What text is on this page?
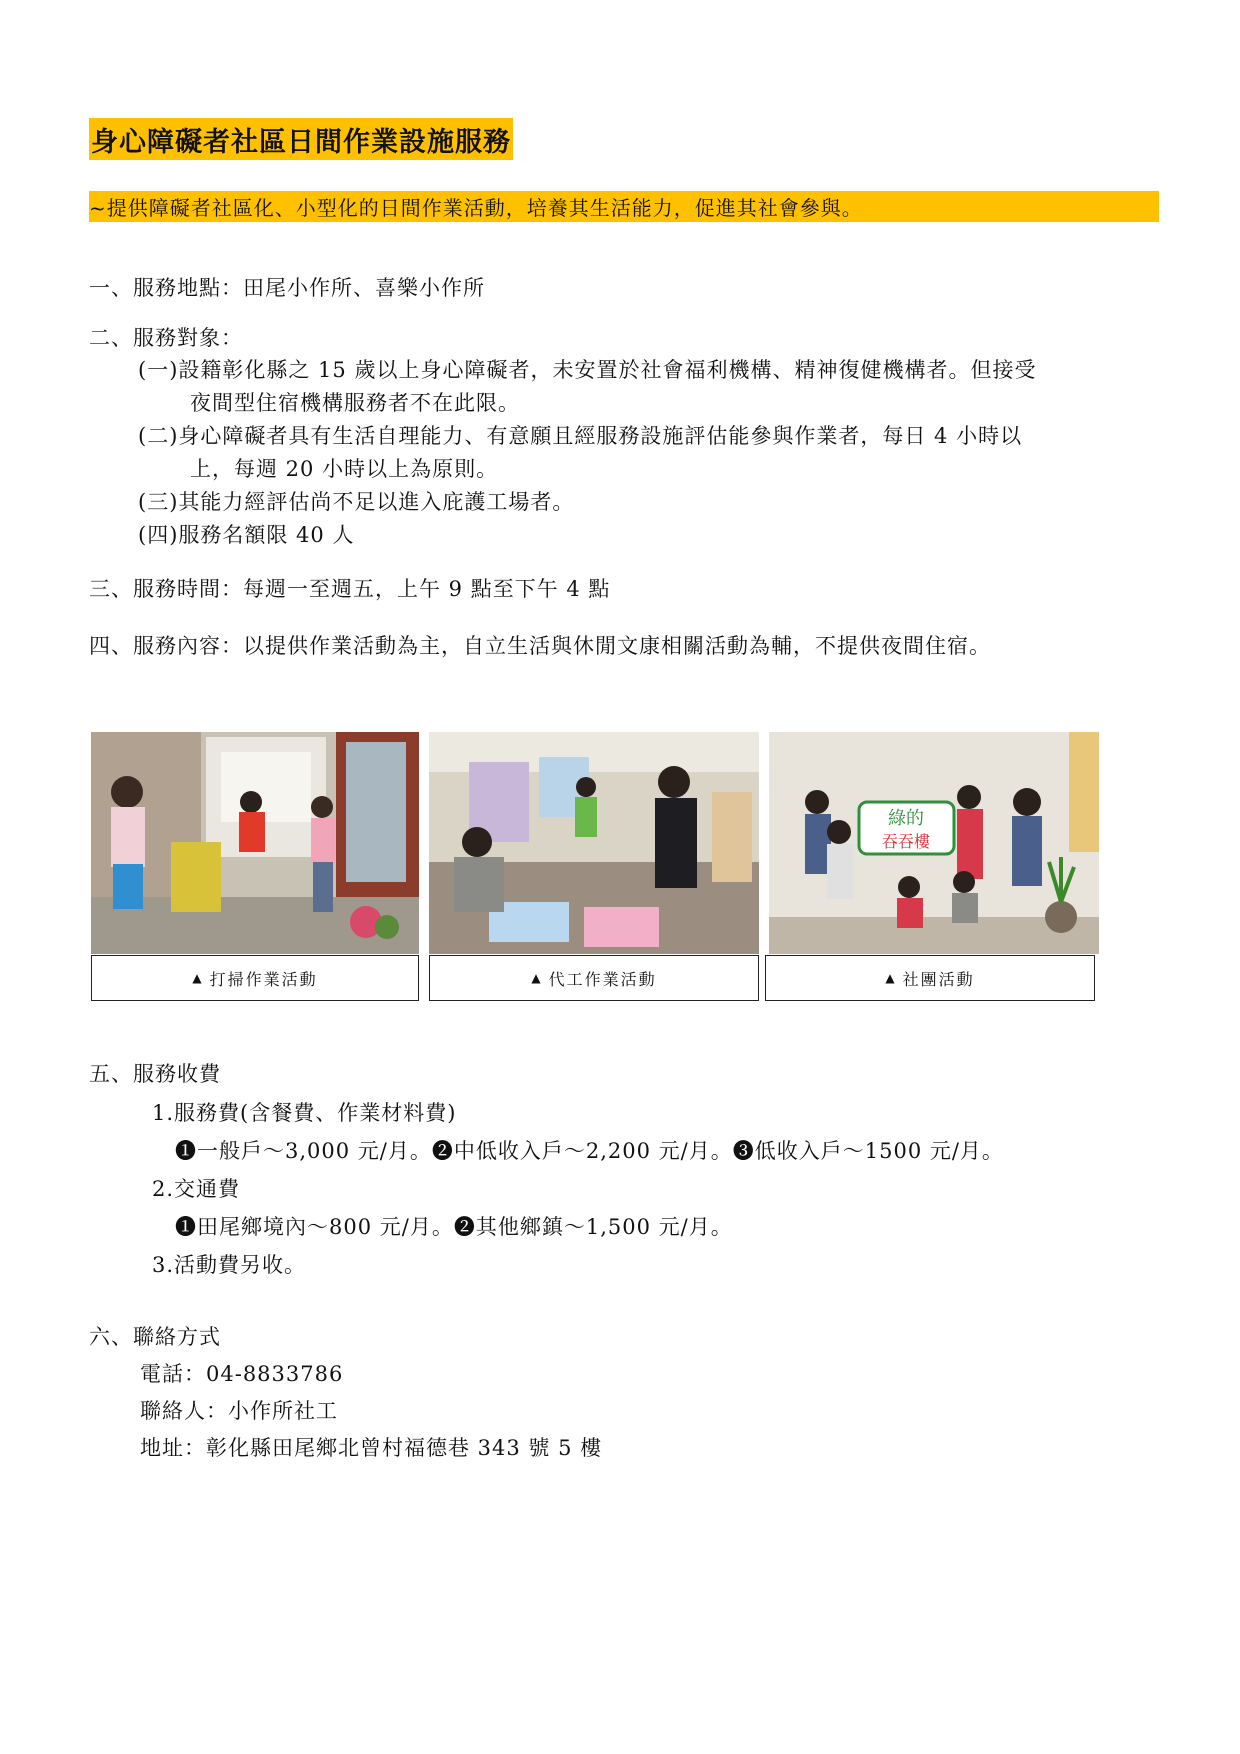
身心障礙者社區日間作業設施服務
~提供障礙者社區化、小型化的日間作業活動，培養其生活能力，促進其社會參與。
一、服務地點：田尾小作所、喜樂小作所
二、服務對象：
(一)設籍彰化縣之 15 歲以上身心障礙者，未安置於社會福利機構、精神復健機構者。但接受
夜間型住宿機構服務者不在此限。
(二)身心障礙者具有生活自理能力、有意願且經服務設施評估能參與作業者，每日 4 小時以
上，每週 20 小時以上為原則。
(三)其能力經評估尚不足以進入庇護工場者。
(四)服務名額限 40 人
三、服務時間：每週一至週五，上午 9 點至下午 4 點
四、服務內容：以提供作業活動為主，自立生活與休閒文康相關活動為輔，不提供夜間住宿。
綠的
吞吞樓
▲ 打掃作業活動	▲ 代工作業活動	▲ 社團活動
五、服務收費
1.服務費(含餐費、作業材料費)
❶一般戶～3,000 元/月。❷中低收入戶～2,200 元/月。❸低收入戶～1500 元/月。
2.交通費
❶田尾鄉境內～800 元/月。❷其他鄉鎮～1,500 元/月。
3.活動費另收。
六、聯絡方式
電話：04-8833786
聯絡人：小作所社工
地址：彰化縣田尾鄉北曾村福德巷 343 號 5 樓
